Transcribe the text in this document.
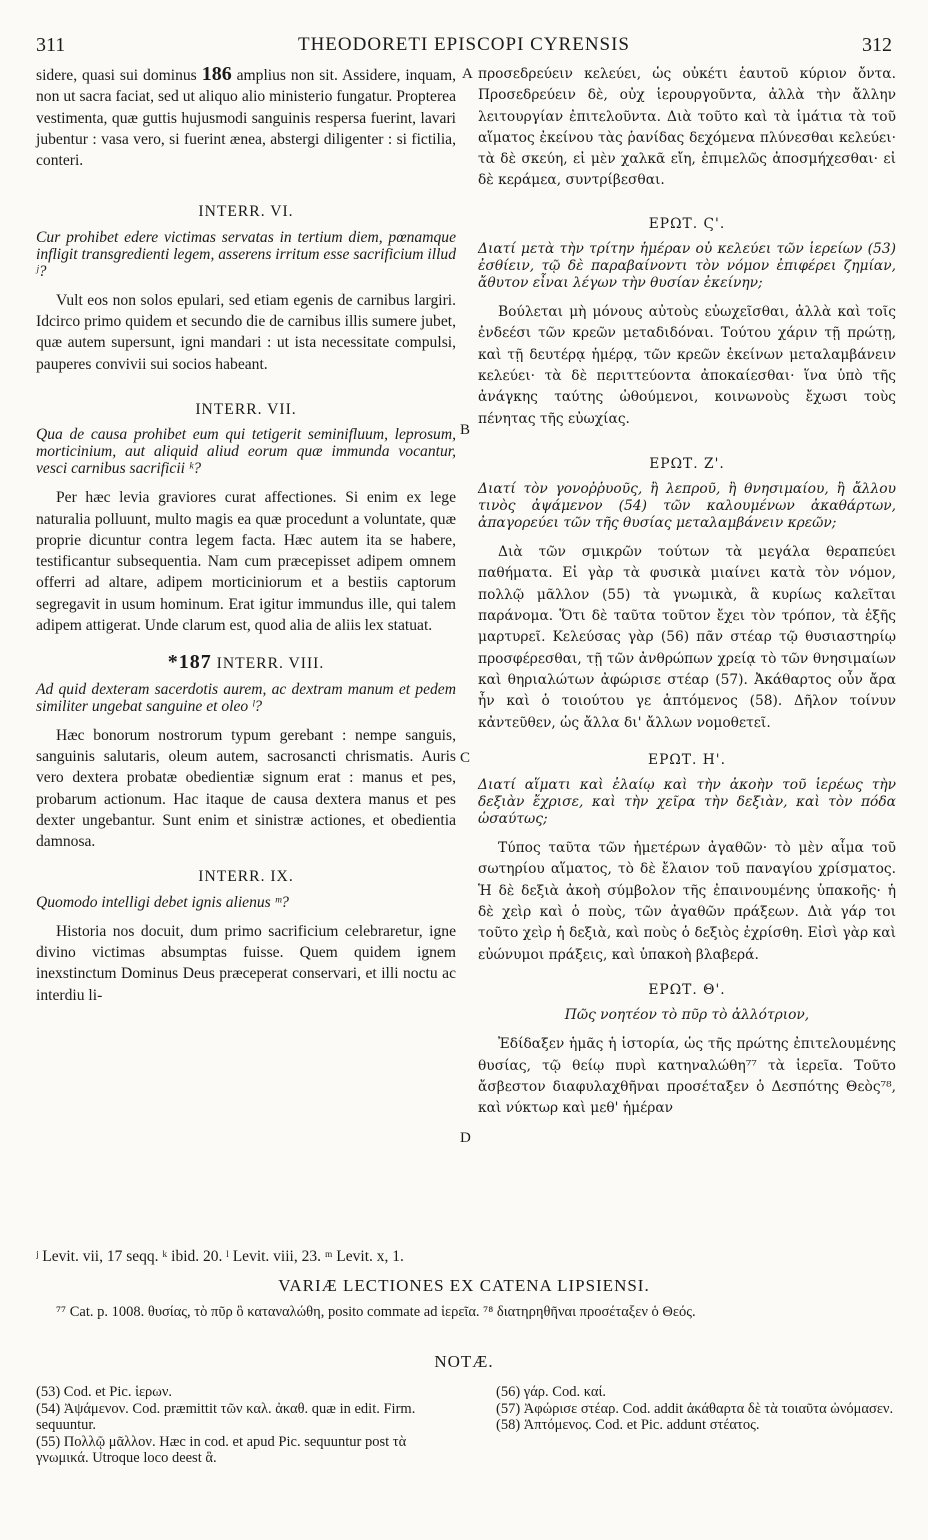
311	THEODORETI EPISCOPI CYRENSIS	312
A
B
C
D

sidere, quasi sui dominus 186 amplius non sit. Assidere, inquam, non ut sacra faciat, sed ut aliquo alio ministerio fungatur. Propterea vestimenta, quæ guttis hujusmodi sanguinis respersa fuerint, lavari jubentur : vasa vero, si fuerint ænea, abstergi diligenter : si fictilia, conteri.

INTERR. VI.

Cur prohibet edere victimas servatas in tertium diem, pœnamque infligit transgredienti legem, asserens irritum esse sacrificium illud ʲ?

Vult eos non solos epulari, sed etiam egenis de carnibus largiri. Idcirco primo quidem et secundo die de carnibus illis sumere jubet, quæ autem supersunt, igni mandari : ut ista necessitate compulsi, pauperes convivii sui socios habeant.

INTERR. VII.

Qua de causa prohibet eum qui tetigerit seminifluum, leprosum, morticinium, aut aliquid aliud eorum quæ immunda vocantur, vesci carnibus sacrificii ᵏ?

Per hæc levia graviores curat affectiones. Si enim ex lege naturalia polluunt, multo magis ea quæ procedunt a voluntate, quæ proprie dicuntur contra legem facta. Hæc autem ita se habere, testificantur subsequentia. Nam cum præcepisset adipem omnem offerri ad altare, adipem morticiniorum et a bestiis captorum segregavit in usum hominum. Erat igitur immundus ille, qui talem adipem attigerat. Unde clarum est, quod alia de aliis lex statuat.

*187 INTERR. VIII.

Ad quid dexteram sacerdotis aurem, ac dextram manum et pedem similiter ungebat sanguine et oleo ˡ?

Hæc bonorum nostrorum typum gerebant : nempe sanguis, sanguinis salutaris, oleum autem, sacrosancti chrismatis. Auris vero dextera probatæ obedientiæ signum erat : manus et pes, probarum actionum. Hac itaque de causa dextera manus et pes dexter ungebantur. Sunt enim et sinistræ actiones, et obedientia damnosa.

INTERR. IX.

Quomodo intelligi debet ignis alienus ᵐ?

Historia nos docuit, dum primo sacrificium celebraretur, igne divino victimas absumptas fuisse. Quem quidem ignem inexstinctum Dominus Deus præceperat conservari, et illi noctu ac interdiu li-

προσεδρεύειν κελεύει, ὡς οὐκέτι ἑαυτοῦ κύριον ὄντα. Προσεδρεύειν δὲ, οὐχ ἱερουργοῦντα, ἀλλὰ τὴν ἄλλην λειτουργίαν ἐπιτελοῦντα. Διὰ τοῦτο καὶ τὰ ἱμάτια τὰ τοῦ αἵματος ἐκείνου τὰς ῥανίδας δεχόμενα πλύνεσθαι κελεύει· τὰ δὲ σκεύη, εἰ μὲν χαλκᾶ εἴη, ἐπιμελῶς ἀποσμήχεσθαι· εἰ δὲ κεράμεα, συντρίβεσθαι.

ΕΡΩΤ. Ϛ'.

Διατί μετὰ τὴν τρίτην ἡμέραν οὐ κελεύει τῶν ἱερείων (53) ἐσθίειν, τῷ δὲ παραβαίνοντι τὸν νόμον ἐπιφέρει ζημίαν, ἄθυτον εἶναι λέγων τὴν θυσίαν ἐκείνην;

Βούλεται μὴ μόνους αὐτοὺς εὐωχεῖσθαι, ἀλλὰ καὶ τοῖς ἐνδεέσι τῶν κρεῶν μεταδιδόναι. Τούτου χάριν τῇ πρώτῃ, καὶ τῇ δευτέρᾳ ἡμέρᾳ, τῶν κρεῶν ἐκείνων μεταλαμβάνειν κελεύει· τὰ δὲ περιττεύοντα ἀποκαίεσθαι· ἵνα ὑπὸ τῆς ἀνάγκης ταύτης ὠθούμενοι, κοινωνοὺς ἔχωσι τοὺς πένητας τῆς εὐωχίας.

ΕΡΩΤ. Ζ'.

Διατί τὸν γονοῤῥυοῦς, ἢ λεπροῦ, ἢ θνησιμαίου, ἢ ἄλλου τινὸς ἀψάμενον (54) τῶν καλουμένων ἀκαθάρτων, ἀπαγορεύει τῶν τῆς θυσίας μεταλαμβάνειν κρεῶν;

Διὰ τῶν σμικρῶν τούτων τὰ μεγάλα θεραπεύει παθήματα. Εἰ γὰρ τὰ φυσικὰ μιαίνει κατὰ τὸν νόμον, πολλῷ μᾶλλον (55) τὰ γνωμικὰ, ἃ κυρίως καλεῖται παράνομα. Ὅτι δὲ ταῦτα τοῦτον ἔχει τὸν τρόπον, τὰ ἑξῆς μαρτυρεῖ. Κελεύσας γὰρ (56) πᾶν στέαρ τῷ θυσιαστηρίῳ προσφέρεσθαι, τῇ τῶν ἀνθρώπων χρείᾳ τὸ τῶν θνησιμαίων καὶ θηριαλώτων ἀφώρισε στέαρ (57). Ἀκάθαρτος οὖν ἄρα ἦν καὶ ὁ τοιούτου γε ἁπτόμενος (58). Δῆλον τοίνυν κἀντεῦθεν, ὡς ἄλλα δι' ἄλλων νομοθετεῖ.

ΕΡΩΤ. Η'.

Διατί αἵματι καὶ ἐλαίῳ καὶ τὴν ἀκοὴν τοῦ ἱερέως τὴν δεξιὰν ἔχρισε, καὶ τὴν χεῖρα τὴν δεξιὰν, καὶ τὸν πόδα ὡσαύτως;

Τύπος ταῦτα τῶν ἡμετέρων ἀγαθῶν· τὸ μὲν αἷμα τοῦ σωτηρίου αἵματος, τὸ δὲ ἔλαιον τοῦ παναγίου χρίσματος. Ἡ δὲ δεξιὰ ἀκοὴ σύμβολον τῆς ἐπαινουμένης ὑπακοῆς· ἡ δὲ χεὶρ καὶ ὁ ποὺς, τῶν ἀγαθῶν πράξεων. Διὰ γάρ τοι τοῦτο χεὶρ ἡ δεξιὰ, καὶ ποὺς ὁ δεξιὸς ἐχρίσθη. Εἰσὶ γὰρ καὶ εὐώνυμοι πράξεις, καὶ ὑπακοὴ βλαβερά.

ΕΡΩΤ. Θ'.

Πῶς νοητέον τὸ πῦρ τὸ ἀλλότριον,

Ἐδίδαξεν ἡμᾶς ἡ ἱστορία, ὡς τῆς πρώτης ἐπιτελουμένης θυσίας, τῷ θείῳ πυρὶ κατηναλώθη⁷⁷ τὰ ἱερεῖα. Τοῦτο ἄσβεστον διαφυλαχθῆναι προσέταξεν ὁ Δεσπότης Θεὸς⁷⁸, καὶ νύκτωρ καὶ μεθ' ἡμέραν

ʲ Levit. vii, 17 seqq. ᵏ ibid. 20. ˡ Levit. viii, 23. ᵐ Levit. x, 1.
VARIÆ LECTIONES EX CATENA LIPSIENSI.
⁷⁷ Cat. p. 1008. θυσίας, τὸ πῦρ ὃ καταναλώθη, posito commate ad ἱερεῖα. ⁷⁸ διατηρηθῆναι προσέταξεν ὁ Θεός.
NOTÆ.

(53) Cod. et Pic. ἱερων.

(54) Ἀψάμενον. Cod. præmittit τῶν καλ. ἀκαθ. quæ in edit. Firm. sequuntur.

(55) Πολλῷ μᾶλλον. Hæc in cod. et apud Pic. sequuntur post τὰ γνωμικά. Utroque loco deest ἃ.

(56) γάρ. Cod. καί.

(57) Ἀφώρισε στέαρ. Cod. addit ἀκάθαρτα δὲ τὰ τοιαῦτα ὠνόμασεν.

(58) Ἁπτόμενος. Cod. et Pic. addunt στέατος.
